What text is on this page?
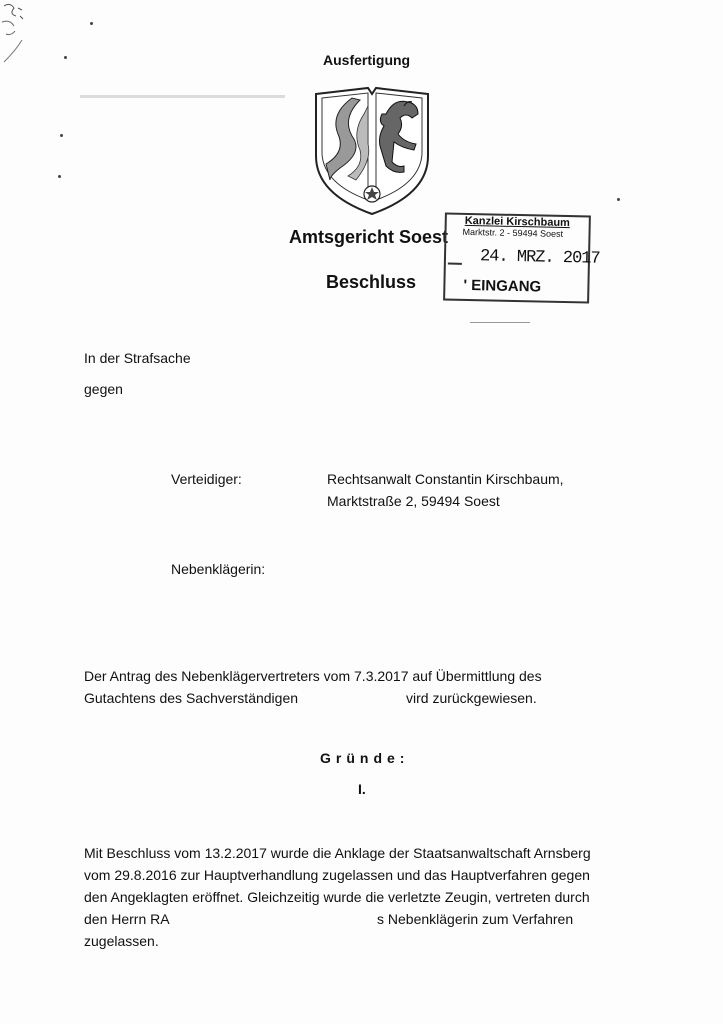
Ausfertigung
Amtsgericht Soest
Beschluss
Kanzlei Kirschbaum
Marktstr. 2 - 59494 Soest
24. MRZ. 2017
' EINGANG
In der Strafsache
gegen
Verteidiger:	Rechtsanwalt Constantin Kirschbaum,
Marktstraße 2, 59494 Soest
Nebenklägerin:
Der Antrag des Nebenklägervertreters vom 7.3.2017 auf Übermittlung des
Gutachtens des Sachverständigen	vird zurückgewiesen.
Gründe:
I.
Mit Beschluss vom 13.2.2017 wurde die Anklage der Staatsanwaltschaft Arnsberg
vom 29.8.2016 zur Hauptverhandlung zugelassen und das Hauptverfahren gegen
den Angeklagten eröffnet. Gleichzeitig wurde die verletzte Zeugin, vertreten durch
den Herrn RA	s Nebenklägerin zum Verfahren
zugelassen.
